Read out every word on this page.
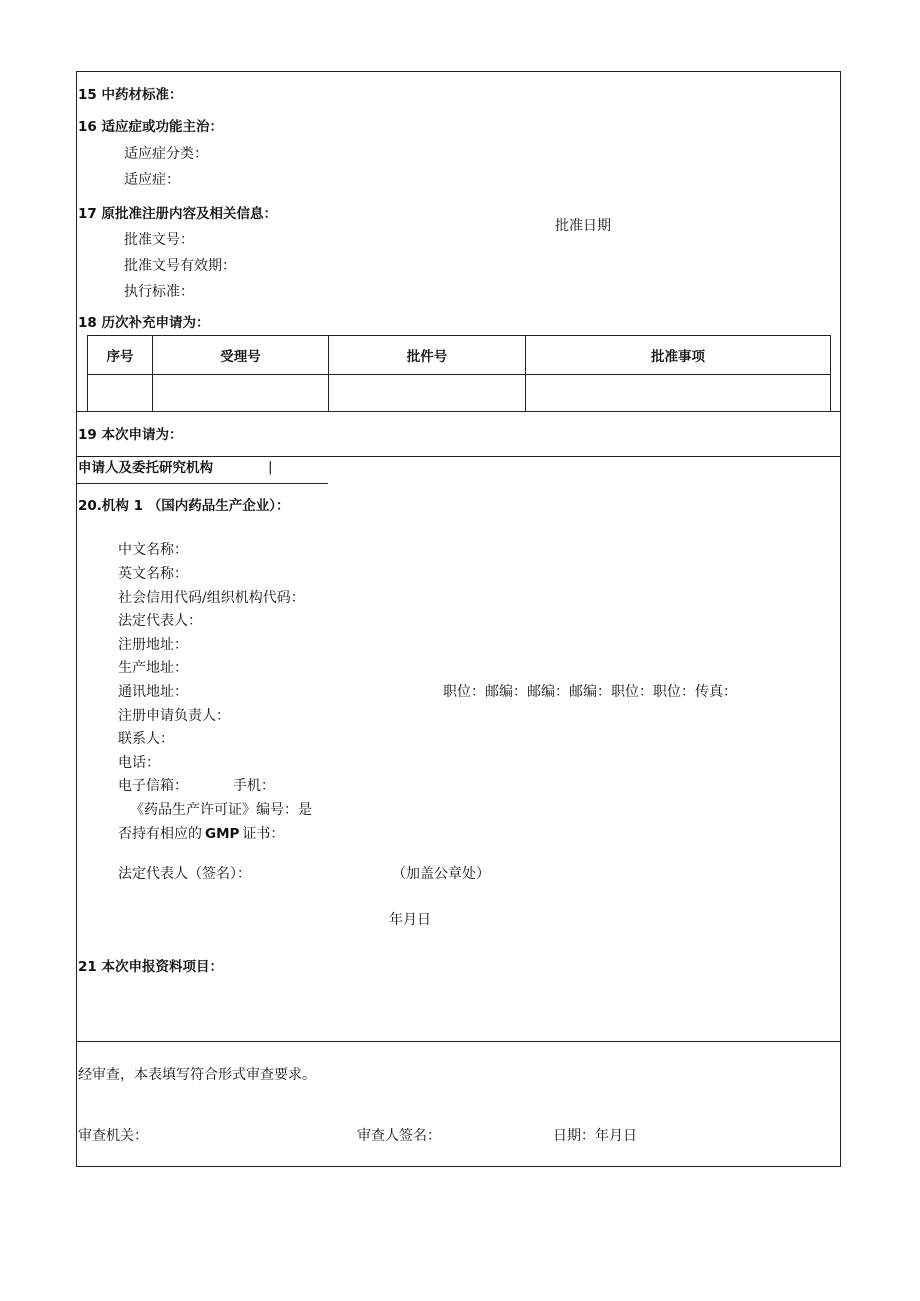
15 中药材标准：
16 适应症或功能主治：
适应症分类：
适应症：
17 原批准注册内容及相关信息：
批准日期
批准文号：
批准文号有效期：
执行标准：
18 历次补充申请为：
序号	受理号	批件号	批准事项

19 本次申请为：
申请人及委托研究机构	|
20.机构 1 （国内药品生产企业）：
中文名称：
英文名称：
社会信用代码/组织机构代码：
法定代表人：
注册地址：
生产地址：
通讯地址：	职位：邮编：邮编：邮编：职位：职位：传真：
注册申请负责人：
联系人：
电话：
电子信箱：	手机：
《药品生产许可证》编号：是
否持有相应的 GMP 证书：
法定代表人（签名）：	（加盖公章处）
年月日
21 本次申报资料项目：
经审查，本表填写符合形式审查要求。
审查机关：	审查人签名：	日期：年月日
